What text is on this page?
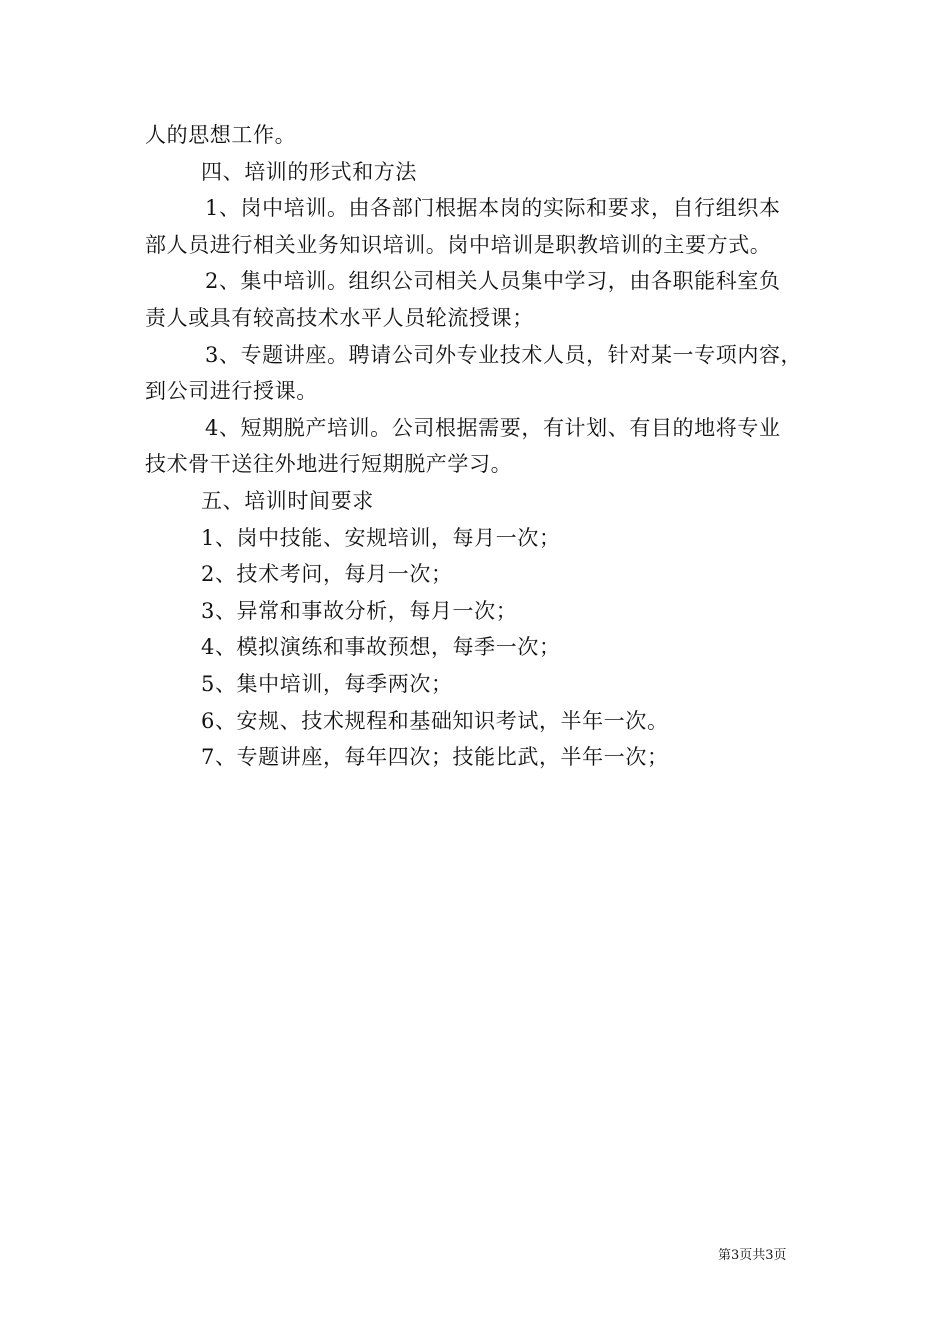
人的思想工作。
四、培训的形式和方法
1、岗中培训。由各部门根据本岗的实际和要求，自行组织本
部人员进行相关业务知识培训。岗中培训是职教培训的主要方式。
2、集中培训。组织公司相关人员集中学习，由各职能科室负
责人或具有较高技术水平人员轮流授课；
3、专题讲座。聘请公司外专业技术人员，针对某一专项内容，
到公司进行授课。
4、短期脱产培训。公司根据需要，有计划、有目的地将专业
技术骨干送往外地进行短期脱产学习。
五、培训时间要求
1、岗中技能、安规培训，每月一次；
2、技术考问，每月一次；
3、异常和事故分析，每月一次；
4、模拟演练和事故预想，每季一次；
5、集中培训，每季两次；
6、安规、技术规程和基础知识考试，半年一次。
7、专题讲座，每年四次；技能比武，半年一次；
第3页共3页
